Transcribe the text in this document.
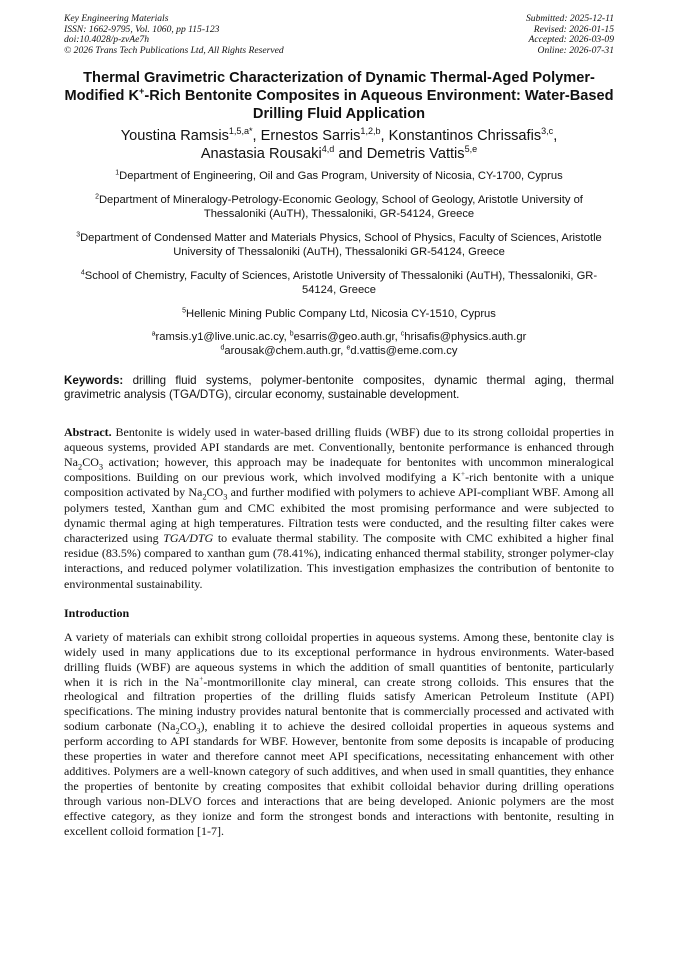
Key Engineering Materials
ISSN: 1662-9795, Vol. 1060, pp 115-123
doi:10.4028/p-zvAe7h
© 2026 Trans Tech Publications Ltd, All Rights Reserved
Submitted: 2025-12-11
Revised: 2026-01-15
Accepted: 2026-03-09
Online: 2026-07-31
Thermal Gravimetric Characterization of Dynamic Thermal-Aged Polymer-Modified K+-Rich Bentonite Composites in Aqueous Environment: Water-Based Drilling Fluid Application
Youstina Ramsis$^{1,5,a*}$, Ernestos Sarris$^{1,2,b}$, Konstantinos Chrissafis$^{3,c}$,
Anastasia Rousaki$^{4,d}$ and Demetris Vattis$^{5,e}$
$^1$Department of Engineering, Oil and Gas Program, University of Nicosia, CY-1700, Cyprus
$^2$Department of Mineralogy-Petrology-Economic Geology, School of Geology, Aristotle University of Thessaloniki (AuTH), Thessaloniki, GR-54124, Greece
$^3$Department of Condensed Matter and Materials Physics, School of Physics, Faculty of Sciences, Aristotle University of Thessaloniki (AuTH), Thessaloniki GR-54124, Greece
$^4$School of Chemistry, Faculty of Sciences, Aristotle University of Thessaloniki (AuTH), Thessaloniki, GR-54124, Greece
$^5$Hellenic Mining Public Company Ltd, Nicosia CY-1510, Cyprus
$^a$ramsis.y1@live.unic.ac.cy, $^b$esarris@geo.auth.gr, $^c$hrisafis@physics.auth.gr
$^d$arousak@chem.auth.gr, $^e$d.vattis@eme.com.cy
Keywords: drilling fluid systems, polymer-bentonite composites, dynamic thermal aging, thermal gravimetric analysis (TGA/DTG), circular economy, sustainable development.
Abstract. Bentonite is widely used in water-based drilling fluids (WBF) due to its strong colloidal properties in aqueous systems, provided API standards are met. Conventionally, bentonite performance is enhanced through $Na_2CO_3$ activation; however, this approach may be inadequate for bentonites with uncommon mineralogical compositions. Building on our previous work, which involved modifying a K+-rich bentonite with a unique composition activated by $Na_2CO_3$ and further modified with polymers to achieve API-compliant WBF. Among all polymers tested, Xanthan gum and CMC exhibited the most promising performance and were subjected to dynamic thermal aging at high temperatures. Filtration tests were conducted, and the resulting filter cakes were characterized using TGA/DTG to evaluate thermal stability. The composite with CMC exhibited a higher final residue (83.5%) compared to xanthan gum (78.41%), indicating enhanced thermal stability, stronger polymer-clay interactions, and reduced polymer volatilization. This investigation emphasizes the contribution of bentonite to environmental sustainability.
Introduction
A variety of materials can exhibit strong colloidal properties in aqueous systems. Among these, bentonite clay is widely used in many applications due to its exceptional performance in hydrous environments. Water-based drilling fluids (WBF) are aqueous systems in which the addition of small quantities of bentonite, particularly when it is rich in the Na+-montmorillonite clay mineral, can create strong colloids. This ensures that the rheological and filtration properties of the drilling fluids satisfy American Petroleum Institute (API) specifications. The mining industry provides natural bentonite that is commercially processed and activated with sodium carbonate $(Na_2CO_3)$, enabling it to achieve the desired colloidal properties in aqueous systems and perform according to API standards for WBF. However, bentonite from some deposits is incapable of producing these properties in water and therefore cannot meet API specifications, necessitating enhancement with other additives. Polymers are a well-known category of such additives, and when used in small quantities, they enhance the properties of bentonite by creating composites that exhibit colloidal behavior during drilling operations through various non-DLVO forces and interactions that are being developed. Anionic polymers are the most effective category, as they ionize and form the strongest bonds and interactions with bentonite, resulting in excellent colloid formation [1-7].
